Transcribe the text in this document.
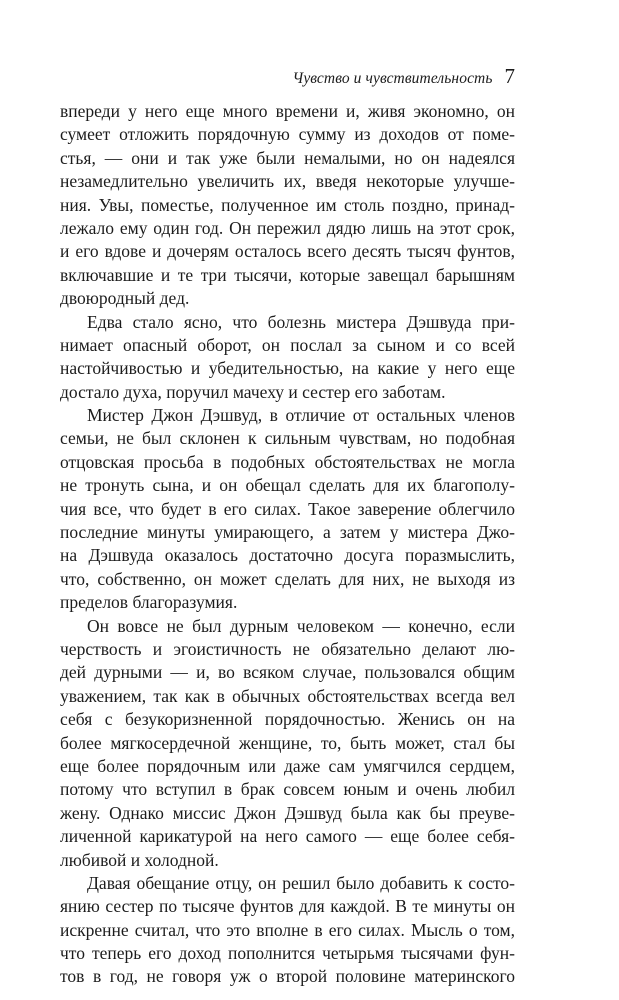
Чувство и чувствительность 7
впереди у него еще много времени и, живя экономно, он
сумеет отложить порядочную сумму из доходов от поме-
стья, — они и так уже были немалыми, но он надеялся
незамедлительно увеличить их, введя некоторые улучше-
ния. Увы, поместье, полученное им столь поздно, принад-
лежало ему один год. Он пережил дядю лишь на этот срок,
и его вдове и дочерям осталось всего десять тысяч фунтов,
включавшие и те три тысячи, которые завещал барышням
двоюродный дед.
Едва стало ясно, что болезнь мистера Дэшвуда при-
нимает опасный оборот, он послал за сыном и со всей
настойчивостью и убедительностью, на какие у него еще
достало духа, поручил мачеху и сестер его заботам.
Мистер Джон Дэшвуд, в отличие от остальных членов
семьи, не был склонен к сильным чувствам, но подобная
отцовская просьба в подобных обстоятельствах не могла
не тронуть сына, и он обещал сделать для их благополу-
чия все, что будет в его силах. Такое заверение облегчило
последние минуты умирающего, а затем у мистера Джо-
на Дэшвуда оказалось достаточно досуга поразмыслить,
что, собственно, он может сделать для них, не выходя из
пределов благоразумия.
Он вовсе не был дурным человеком — конечно, если
черствость и эгоистичность не обязательно делают лю-
дей дурными — и, во всяком случае, пользовался общим
уважением, так как в обычных обстоятельствах всегда вел
себя с безукоризненной порядочностью. Женись он на
более мягкосердечной женщине, то, быть может, стал бы
еще более порядочным или даже сам умягчился сердцем,
потому что вступил в брак совсем юным и очень любил
жену. Однако миссис Джон Дэшвуд была как бы преуве-
личенной карикатурой на него самого — еще более себя-
любивой и холодной.
Давая обещание отцу, он решил было добавить к состо-
янию сестер по тысяче фунтов для каждой. В те минуты он
искренне считал, что это вполне в его силах. Мысль о том,
что теперь его доход пополнится четырьмя тысячами фун-
тов в год, не говоря уж о второй половине материнского
